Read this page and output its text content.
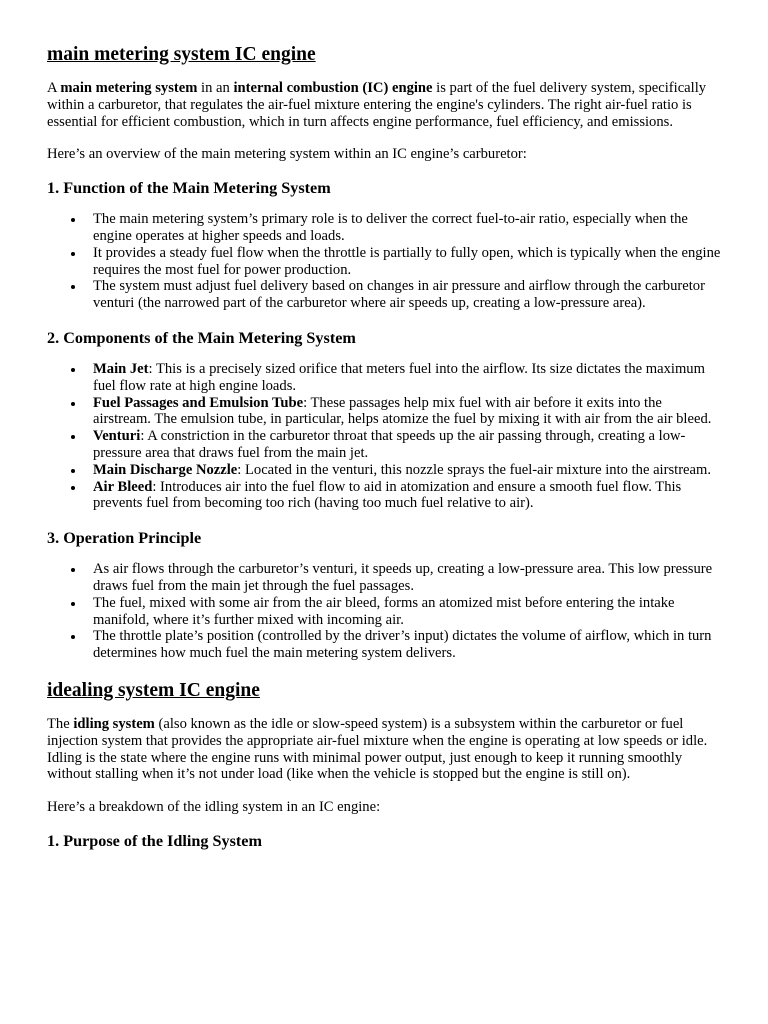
main metering system IC engine

A main metering system in an internal combustion (IC) engine is part of the fuel delivery system, specifically within a carburetor, that regulates the air-fuel mixture entering the engine's cylinders. The right air-fuel ratio is essential for efficient combustion, which in turn affects engine performance, fuel efficiency, and emissions.

Here’s an overview of the main metering system within an IC engine’s carburetor:

1. Function of the Main Metering System
The main metering system’s primary role is to deliver the correct fuel-to-air ratio, especially when the engine operates at higher speeds and loads.
It provides a steady fuel flow when the throttle is partially to fully open, which is typically when the engine requires the most fuel for power production.
The system must adjust fuel delivery based on changes in air pressure and airflow through the carburetor venturi (the narrowed part of the carburetor where air speeds up, creating a low-pressure area).
2. Components of the Main Metering System
Main Jet: This is a precisely sized orifice that meters fuel into the airflow. Its size dictates the maximum fuel flow rate at high engine loads.
Fuel Passages and Emulsion Tube: These passages help mix fuel with air before it exits into the airstream. The emulsion tube, in particular, helps atomize the fuel by mixing it with air from the air bleed.
Venturi: A constriction in the carburetor throat that speeds up the air passing through, creating a low-pressure area that draws fuel from the main jet.
Main Discharge Nozzle: Located in the venturi, this nozzle sprays the fuel-air mixture into the airstream.
Air Bleed: Introduces air into the fuel flow to aid in atomization and ensure a smooth fuel flow. This prevents fuel from becoming too rich (having too much fuel relative to air).
3. Operation Principle
As air flows through the carburetor’s venturi, it speeds up, creating a low-pressure area. This low pressure draws fuel from the main jet through the fuel passages.
The fuel, mixed with some air from the air bleed, forms an atomized mist before entering the intake manifold, where it’s further mixed with incoming air.
The throttle plate’s position (controlled by the driver’s input) dictates the volume of airflow, which in turn determines how much fuel the main metering system delivers.
idealing system IC engine

The idling system (also known as the idle or slow-speed system) is a subsystem within the carburetor or fuel injection system that provides the appropriate air-fuel mixture when the engine is operating at low speeds or idle. Idling is the state where the engine runs with minimal power output, just enough to keep it running smoothly without stalling when it’s not under load (like when the vehicle is stopped but the engine is still on).

Here’s a breakdown of the idling system in an IC engine:

1. Purpose of the Idling System
